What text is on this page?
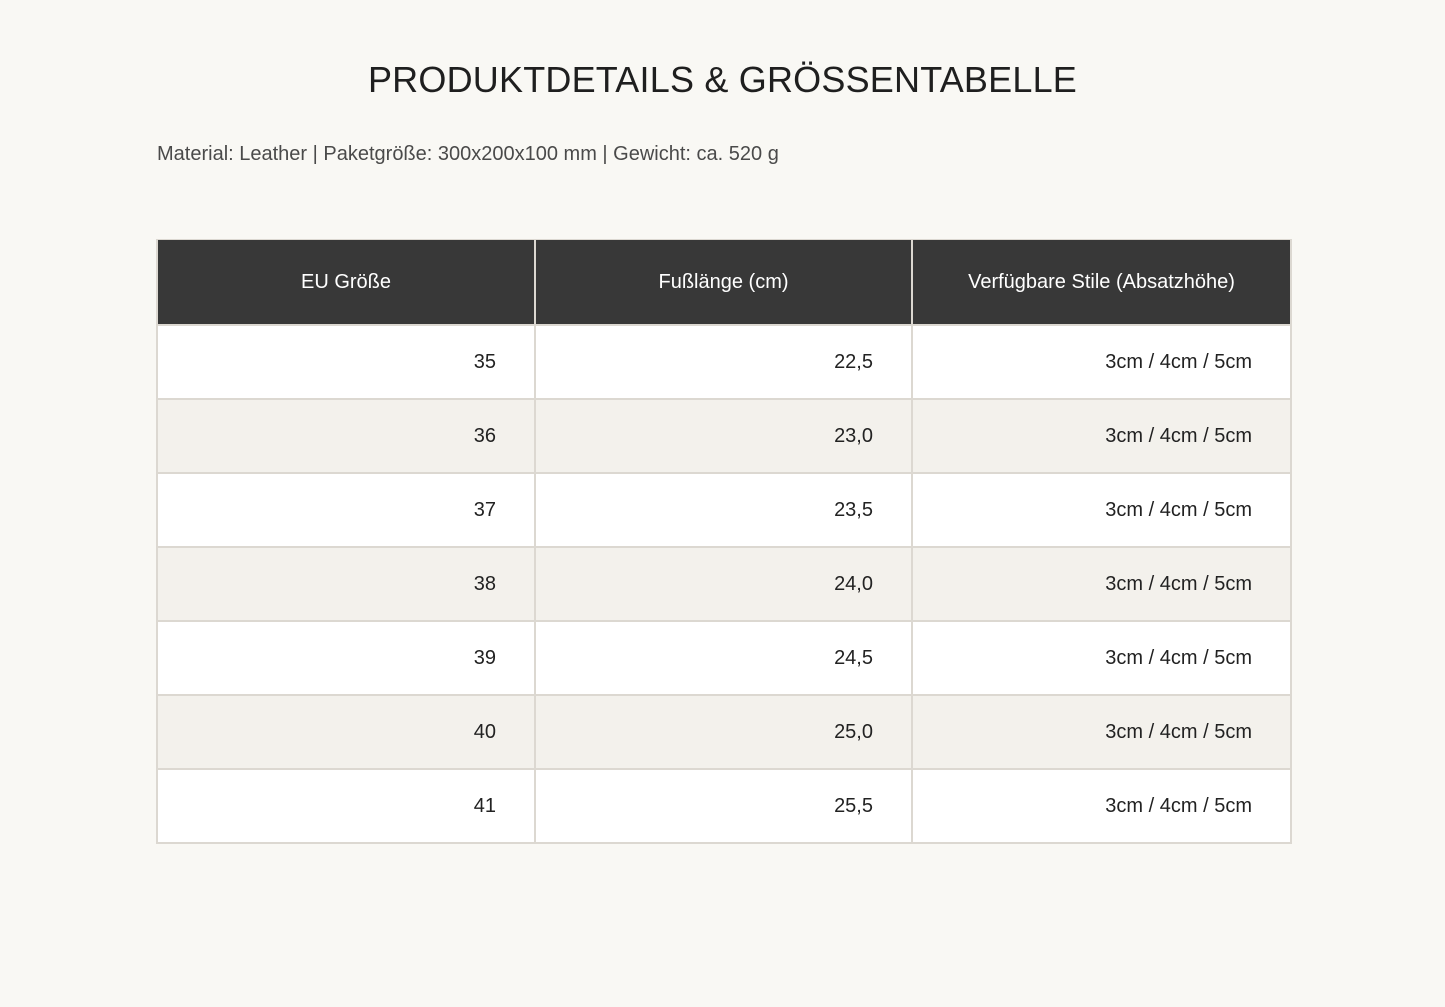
PRODUKTDETAILS & GRÖSSENTABELLE
Material: Leather | Paketgröße: 300x200x100 mm | Gewicht: ca. 520 g
EU Größe	Fußlänge (cm)	Verfügbare Stile (Absatzhöhe)
35	22,5	3cm / 4cm / 5cm
36	23,0	3cm / 4cm / 5cm
37	23,5	3cm / 4cm / 5cm
38	24,0	3cm / 4cm / 5cm
39	24,5	3cm / 4cm / 5cm
40	25,0	3cm / 4cm / 5cm
41	25,5	3cm / 4cm / 5cm
